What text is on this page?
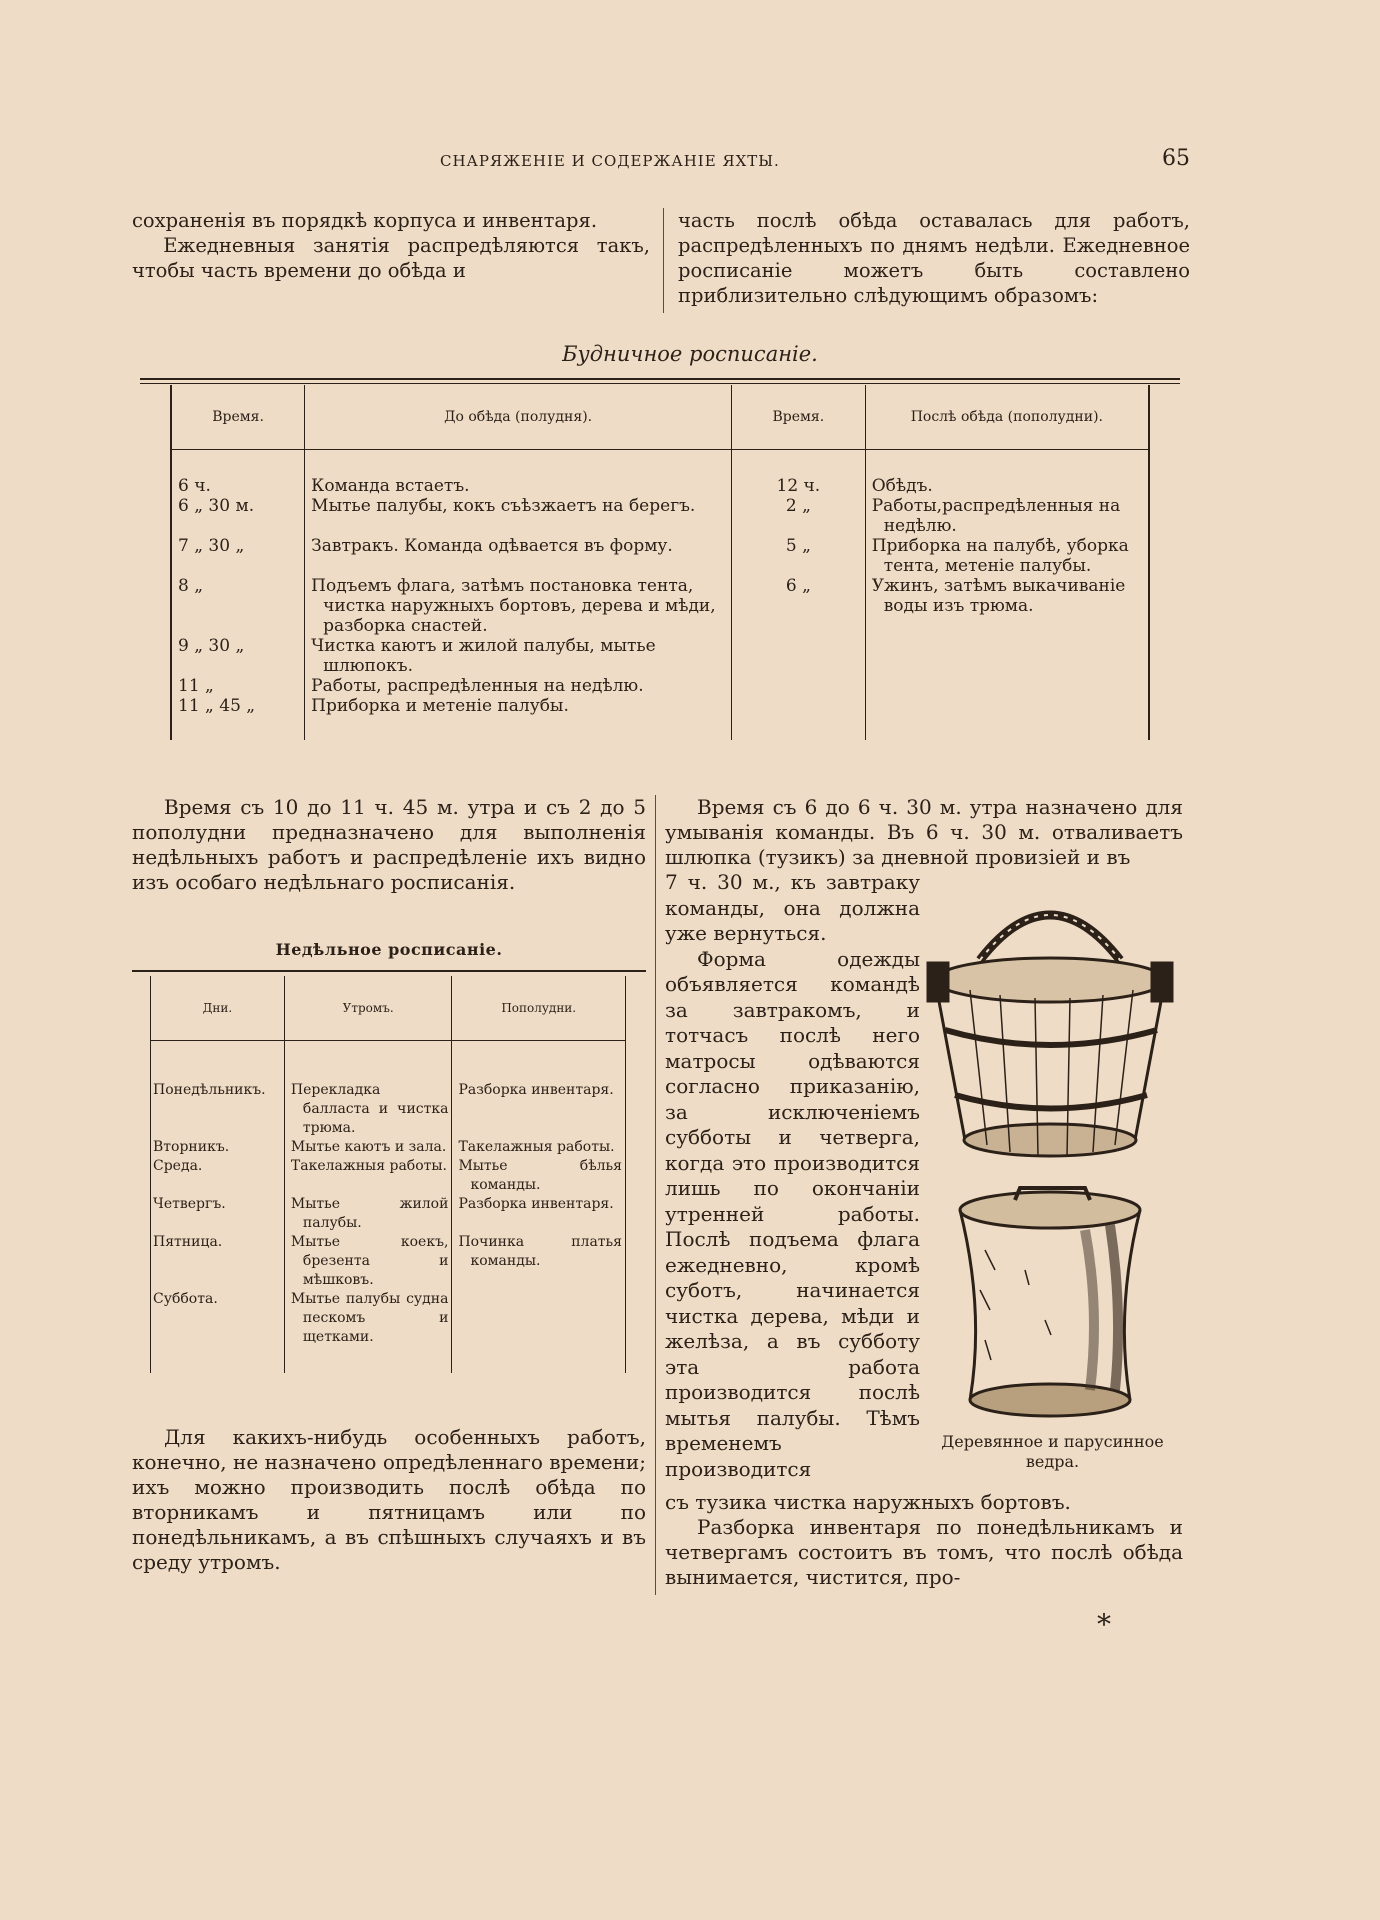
СНАРЯЖЕНІЕ И СОДЕРЖАНІЕ ЯХТЫ.	65

сохраненія въ порядкѣ корпуса и инвентаря.

Ежедневныя занятія распредѣляются такъ, чтобы часть времени до обѣда и

часть послѣ обѣда оставалась для работъ, распредѣленныхъ по днямъ недѣли. Ежедневное росписаніе можетъ быть составлено приблизительно слѣдующимъ образомъ:

Будничное росписаніе.
Время.	До обѣда (полудня).	Время.	Послѣ обѣда (пополудни).
6 ч.	Команда встаетъ.	12 ч.	Обѣдъ.
6 „ 30 м.	Мытье палубы, кокъ съѣзжаетъ на берегъ.	2 „	Работы,распредѣленныя на недѣлю.
7 „ 30 „	Завтракъ. Команда одѣвается въ форму.	5 „	Приборка на палубѣ, уборка тента, метеніе палубы.
8 „	Подъемъ флага, затѣмъ постановка тента, чистка наружныхъ бортовъ, дерева и мѣди, разборка снастей.	6 „	Ужинъ, затѣмъ выкачиваніе воды изъ трюма.
9 „ 30 „	Чистка каютъ и жилой палубы, мытье шлюпокъ.		
11 „	Работы, распредѣленныя на недѣлю.		
11 „ 45 „	Приборка и метеніе палубы.		

Время съ 10 до 11 ч. 45 м. утра и съ 2 до 5 пополудни предназначено для выполненія недѣльныхъ работъ и распредѣленіе ихъ видно изъ особаго недѣльнаго росписанія.

Недѣльное росписаніе.
Дни.	Утромъ.	Пополудни.
Понедѣльникъ.	Перекладка балласта и чистка трюма.	Разборка инвентаря.
Вторникъ.	Мытье каютъ и зала.	Такелажныя работы.
Среда.	Такелажныя работы.	Мытье бѣлья команды.
Четвергъ.	Мытье жилой палубы.	Разборка инвентаря.
Пятница.	Мытье коекъ, брезента и мѣшковъ.	Починка платья команды.
Суббота.	Мытье палубы судна пескомъ и щетками.	

Для какихъ-нибудь особенныхъ работъ, конечно, не назначено опредѣленнаго времени; ихъ можно производить послѣ обѣда по вторникамъ и пятницамъ или по понедѣльникамъ, а въ спѣшныхъ случаяхъ и въ среду утромъ.

Время съ 6 до 6 ч. 30 м. утра назначено для умыванія команды. Въ 6 ч. 30 м. отваливаетъ шлюпка (тузикъ) за дневной провизіей и въ

7 ч. 30 м., къ завтраку команды, она должна уже вернуться.

Форма одежды объявляется командѣ за завтракомъ, и тотчасъ послѣ него матросы одѣваются согласно приказанію, за исключеніемъ субботы и четверга, когда это производится лишь по окончаніи утренней работы. Послѣ подъема флага ежедневно, кромѣ суботъ, начинается чистка дерева, мѣди и желѣза, а въ субботу эта работа производится послѣ мытья палубы. Тѣмъ временемъ производится

съ тузика чистка наружныхъ бортовъ.

Разборка инвентаря по понедѣльникамъ и четвергамъ состоитъ въ томъ, что послѣ обѣда вынимается, чистится, про-

Деревянное и парусинное ведра.
*
